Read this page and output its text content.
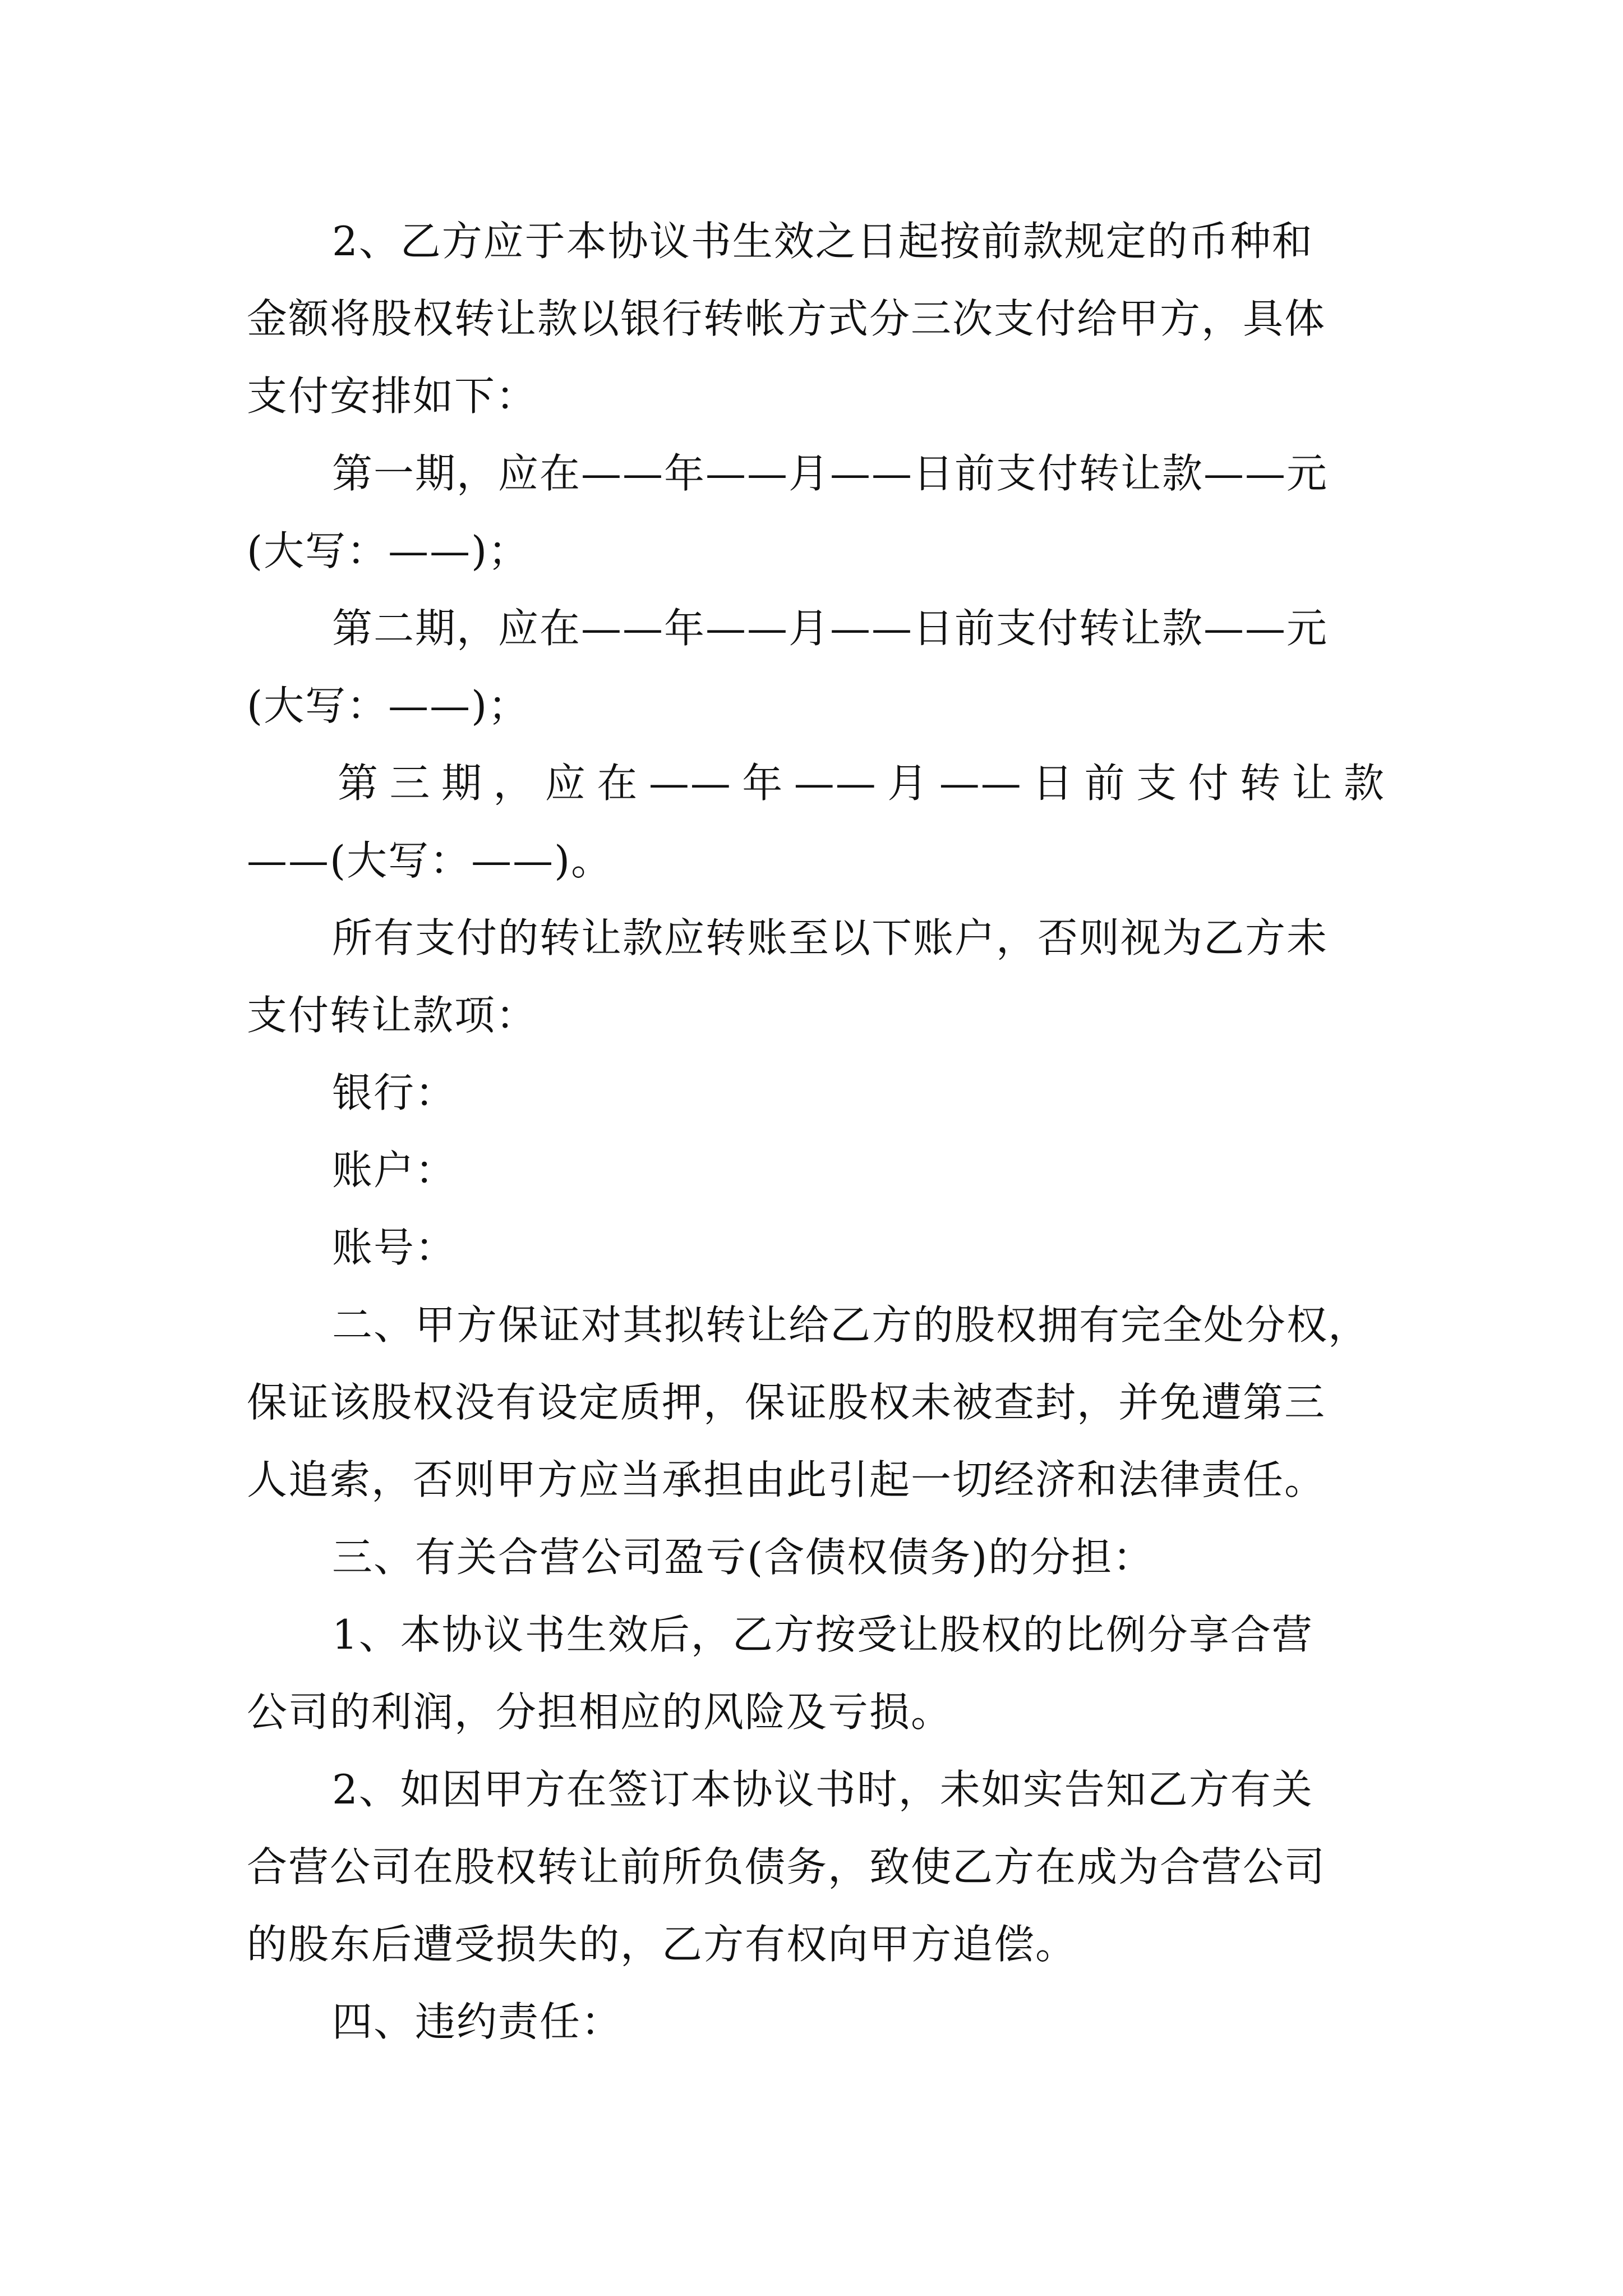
2、乙方应于本协议书生效之日起按前款规定的币种和
金额将股权转让款以银行转帐方式分三次支付给甲方，具体
支付安排如下：
第一期，应在——年——月——日前支付转让款——元
(大写：——)；
第二期，应在——年——月——日前支付转让款——元
(大写：——)；
第三期，应在——年——月——日前支付转让款
——(大写：——)。
所有支付的转让款应转账至以下账户，否则视为乙方未
支付转让款项：
银行：
账户：
账号：
二、甲方保证对其拟转让给乙方的股权拥有完全处分权，
保证该股权没有设定质押，保证股权未被查封，并免遭第三
人追索，否则甲方应当承担由此引起一切经济和法律责任。
三、有关合营公司盈亏(含债权债务)的分担：
1、本协议书生效后，乙方按受让股权的比例分享合营
公司的利润，分担相应的风险及亏损。
2、如因甲方在签订本协议书时，未如实告知乙方有关
合营公司在股权转让前所负债务，致使乙方在成为合营公司
的股东后遭受损失的，乙方有权向甲方追偿。
四、违约责任：
